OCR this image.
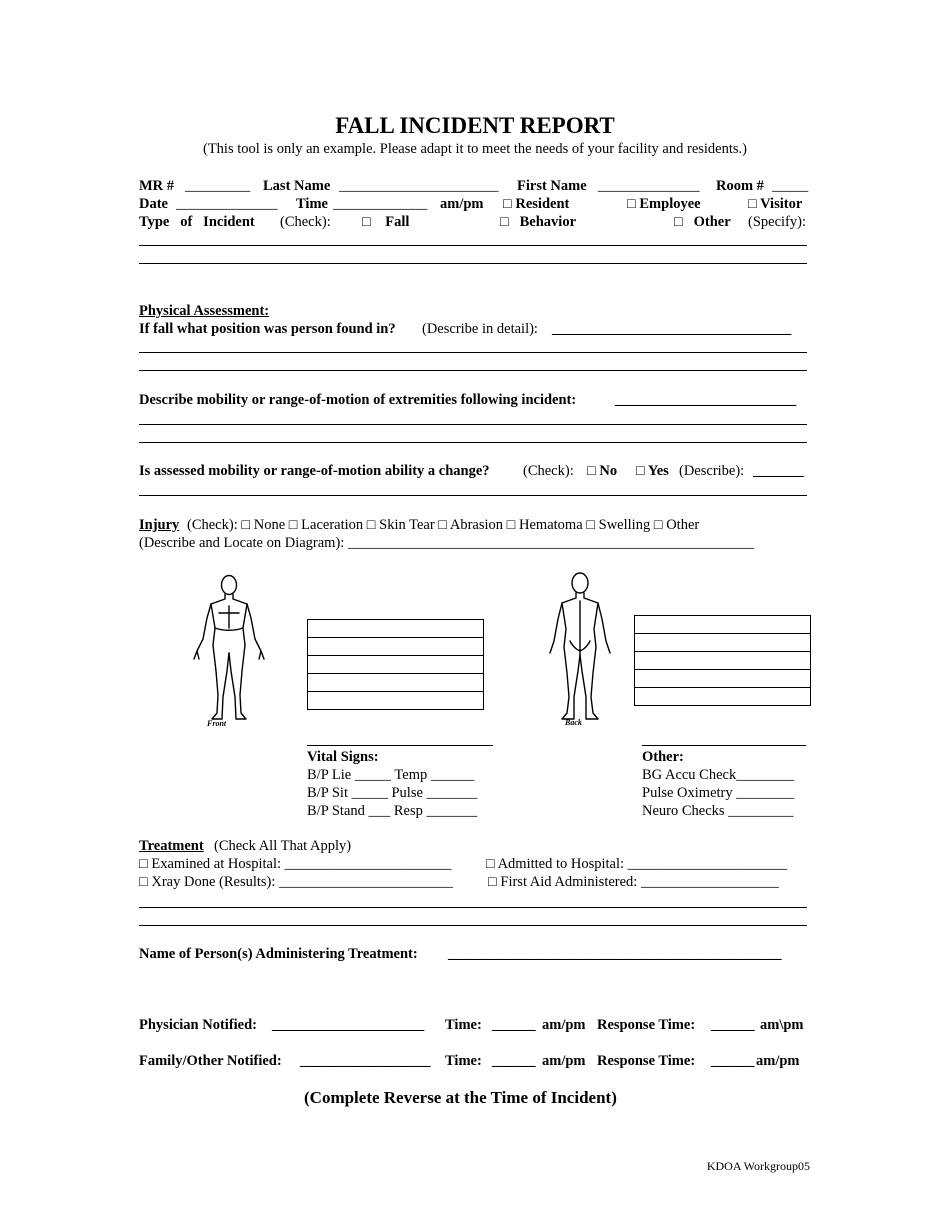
FALL INCIDENT REPORT
(This tool is only an example. Please adapt it to meet the needs of your facility and residents.)
MR # _________ Last Name ______________________ First Name ______________ Room # _____
Date ______________ Time _____________ am/pm □ Resident	□ Employee	□ Visitor
Type   of   Incident (Check): □    Fall	□   Behavior	□   Other (Specify):
Physical Assessment:
If fall what position was person found in? (Describe in detail): _________________________________
Describe mobility or range-of-motion of extremities following incident:	_________________________
Is assessed mobility or range-of-motion ability a change? (Check): □ No □ Yes (Describe): _______
Injury (Check): □ None □ Laceration □ Skin Tear □ Abrasion □ Hematoma □ Swelling □ Other
(Describe and Locate on Diagram): ________________________________________________________
Front	Back

Vital Signs:
B/P Lie _____ Temp ______
B/P Sit _____ Pulse _______
B/P Stand ___ Resp _______
Other:
BG Accu Check________
Pulse Oximetry ________
Neuro Checks _________
Treatment (Check All That Apply)
□ Examined at Hospital: _______________________ □ Admitted to Hospital: ______________________
□ Xray Done (Results): ________________________ □ First Aid Administered: ___________________
Name of Person(s) Administering Treatment: ______________________________________________
Physician Notified: _____________________ Time: ______ am/pm Response Time: ______ am\pm
Family/Other Notified: __________________ Time: ______ am/pm Response Time: ______ am/pm
(Complete Reverse at the Time of Incident)
KDOA Workgroup05
